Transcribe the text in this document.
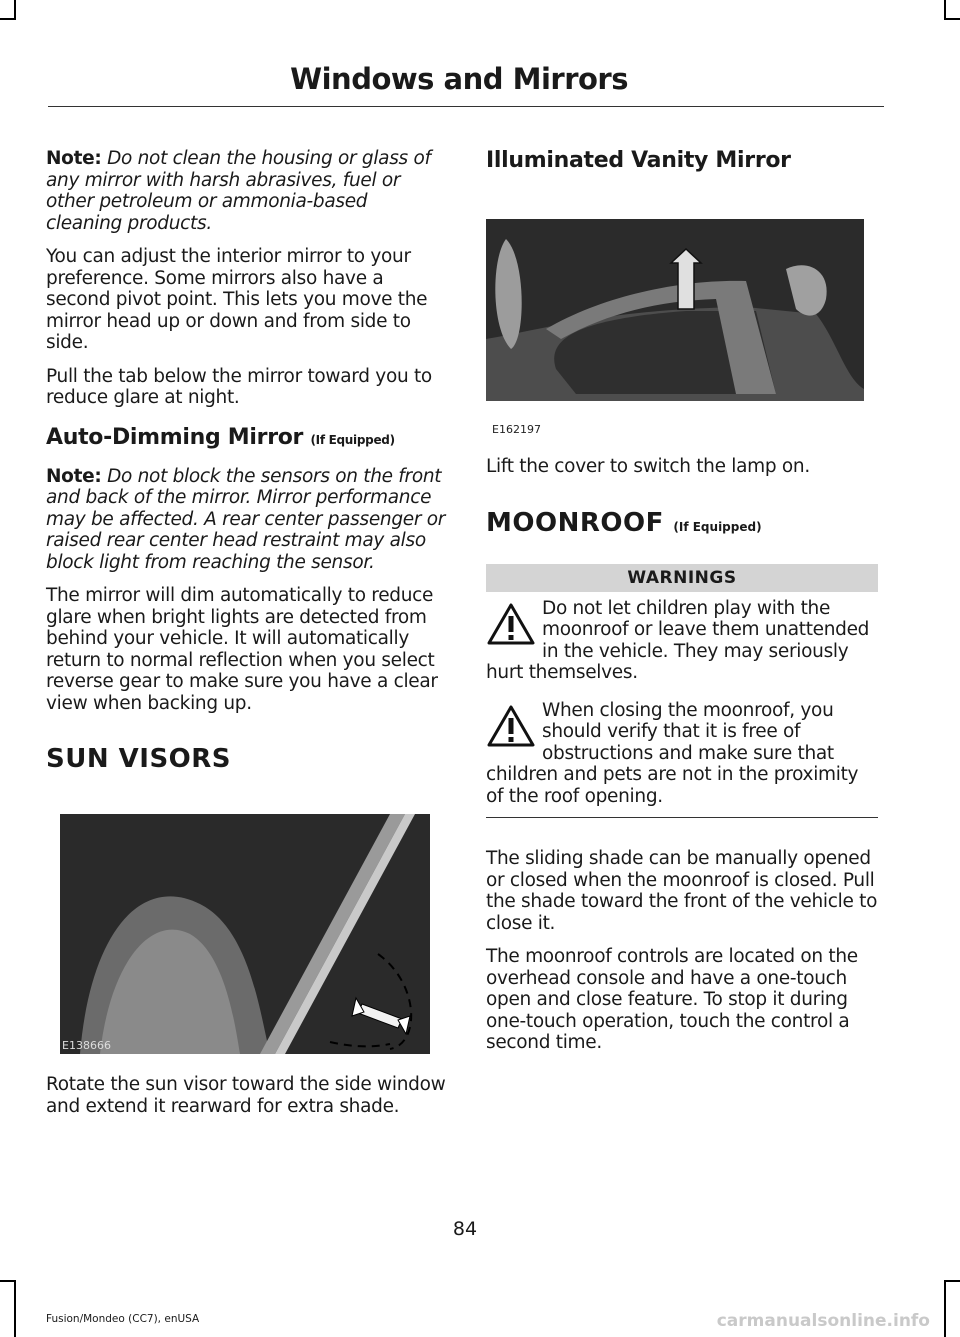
Windows and Mirrors

Note: Do not clean the housing or glass of any mirror with harsh abrasives, fuel or other petroleum or ammonia-based cleaning products.

You can adjust the interior mirror to your preference. Some mirrors also have a second pivot point. This lets you move the mirror head up or down and from side to side.

Pull the tab below the mirror toward you to reduce glare at night.

Auto-Dimming Mirror (If Equipped)

Note: Do not block the sensors on the front and back of the mirror. Mirror performance may be affected. A rear center passenger or raised rear center head restraint may also block light from reaching the sensor.

The mirror will dim automatically to reduce glare when bright lights are detected from behind your vehicle. It will automatically return to normal reflection when you select reverse gear to make sure you have a clear view when backing up.

SUN VISORS
E138666

Rotate the sun visor toward the side window and extend it rearward for extra shade.

Illuminated Vanity Mirror
E162197

Lift the cover to switch the lamp on.

MOONROOF (If Equipped)
WARNINGS
Do not let children play with the moonroof or leave them unattended in the vehicle. They may seriously hurt themselves.
When closing the moonroof, you should verify that it is free of obstructions and make sure that children and pets are not in the proximity of the roof opening.

The sliding shade can be manually opened or closed when the moonroof is closed. Pull the shade toward the front of the vehicle to close it.

The moonroof controls are located on the overhead console and have a one-touch open and close feature. To stop it during one-touch operation, touch the control a second time.

84
Fusion/Mondeo (CC7), enUSA	carmanualsonline.info
